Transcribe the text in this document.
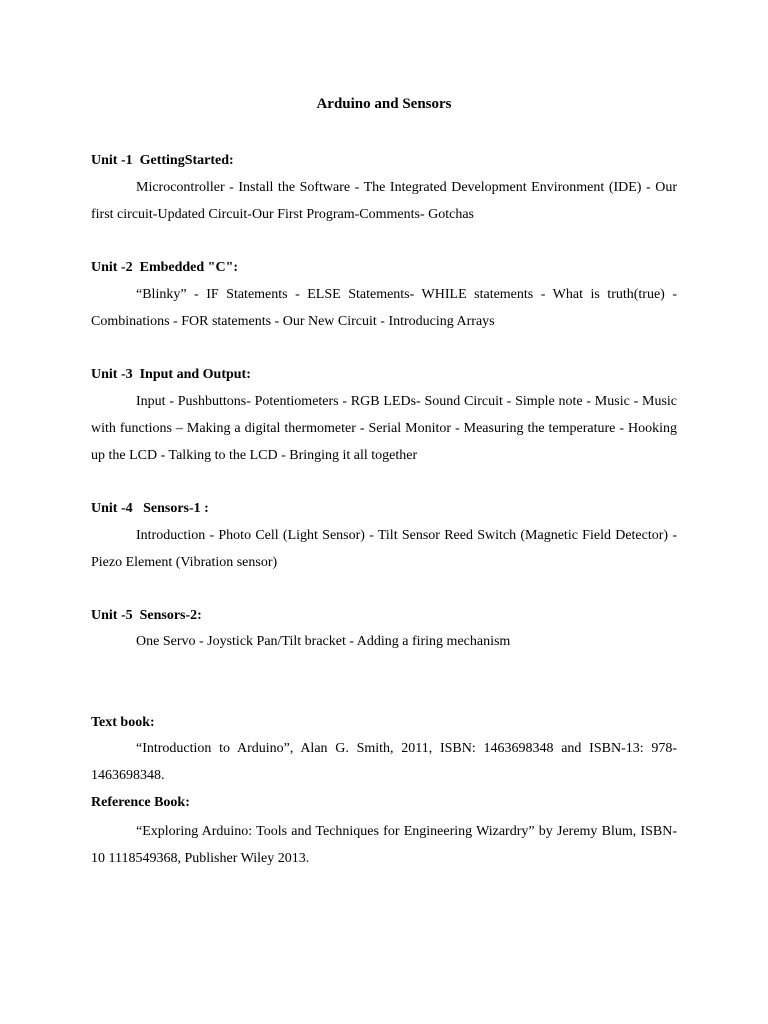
Arduino and Sensors
Unit -1  GettingStarted:

Microcontroller - Install the Software - The Integrated Development Environment (IDE) - Our first circuit-Updated Circuit-Our First Program-Comments- Gotchas

Unit -2  Embedded "C":

“Blinky” - IF Statements - ELSE Statements- WHILE statements - What is truth(true) - Combinations - FOR statements - Our New Circuit - Introducing Arrays

Unit -3  Input and Output:

Input - Pushbuttons- Potentiometers - RGB LEDs- Sound Circuit - Simple note - Music - Music with functions – Making a digital thermometer - Serial Monitor - Measuring the temperature - Hooking up the LCD - Talking to the LCD - Bringing it all together

Unit -4   Sensors-1 :

Introduction - Photo Cell (Light Sensor) - Tilt Sensor Reed Switch (Magnetic Field Detector) - Piezo Element (Vibration sensor)

Unit -5  Sensors-2:

One Servo - Joystick Pan/Tilt bracket - Adding a firing mechanism

Text book:

“Introduction to Arduino”, Alan G. Smith, 2011, ISBN: 1463698348 and ISBN-13: 978-1463698348.

Reference Book:

“Exploring Arduino: Tools and Techniques for Engineering Wizardry” by Jeremy Blum, ISBN- 10 1118549368, Publisher Wiley 2013.
